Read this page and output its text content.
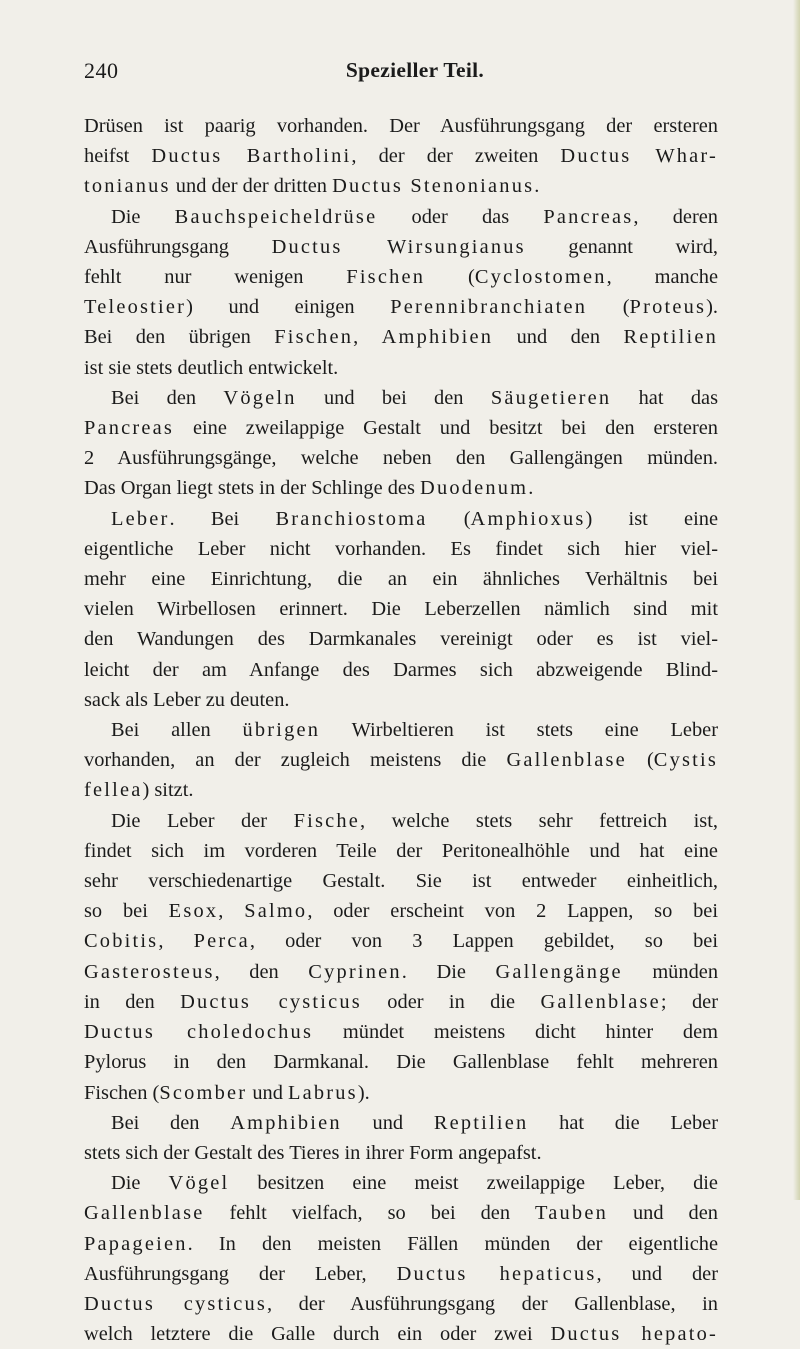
240	Spezieller Teil.

Drüsen ist paarig vorhanden. Der Ausführungsgang der ersteren

heifst Ductus Bartholini, der der zweiten Ductus Whar-

tonianus und der der dritten Ductus Stenonianus.

Die Bauchspeicheldrüse oder das Pancreas, deren

Ausführungsgang Ductus Wirsungianus genannt wird,

fehlt nur wenigen Fischen (Cyclostomen, manche

Teleostier) und einigen Perennibranchiaten (Proteus).

Bei den übrigen Fischen, Amphibien und den Reptilien

ist sie stets deutlich entwickelt.

Bei den Vögeln und bei den Säugetieren hat das

Pancreas eine zweilappige Gestalt und besitzt bei den ersteren

2 Ausführungsgänge, welche neben den Gallengängen münden.

Das Organ liegt stets in der Schlinge des Duodenum.

Leber. Bei Branchiostoma (Amphioxus) ist eine

eigentliche Leber nicht vorhanden. Es findet sich hier viel-

mehr eine Einrichtung, die an ein ähnliches Verhältnis bei

vielen Wirbellosen erinnert. Die Leberzellen nämlich sind mit

den Wandungen des Darmkanales vereinigt oder es ist viel-

leicht der am Anfange des Darmes sich abzweigende Blind-

sack als Leber zu deuten.

Bei allen übrigen Wirbeltieren ist stets eine Leber

vorhanden, an der zugleich meistens die Gallenblase (Cystis

fellea) sitzt.

Die Leber der Fische, welche stets sehr fettreich ist,

findet sich im vorderen Teile der Peritonealhöhle und hat eine

sehr verschiedenartige Gestalt. Sie ist entweder einheitlich,

so bei Esox, Salmo, oder erscheint von 2 Lappen, so bei

Cobitis, Perca, oder von 3 Lappen gebildet, so bei

Gasterosteus, den Cyprinen. Die Gallengänge münden

in den Ductus cysticus oder in die Gallenblase; der

Ductus choledochus mündet meistens dicht hinter dem

Pylorus in den Darmkanal. Die Gallenblase fehlt mehreren

Fischen (Scomber und Labrus).

Bei den Amphibien und Reptilien hat die Leber

stets sich der Gestalt des Tieres in ihrer Form angepafst.

Die Vögel besitzen eine meist zweilappige Leber, die

Gallenblase fehlt vielfach, so bei den Tauben und den

Papageien. In den meisten Fällen münden der eigentliche

Ausführungsgang der Leber, Ductus hepaticus, und der

Ductus cysticus, der Ausführungsgang der Gallenblase, in

welch letztere die Galle durch ein oder zwei Ductus hepato-
